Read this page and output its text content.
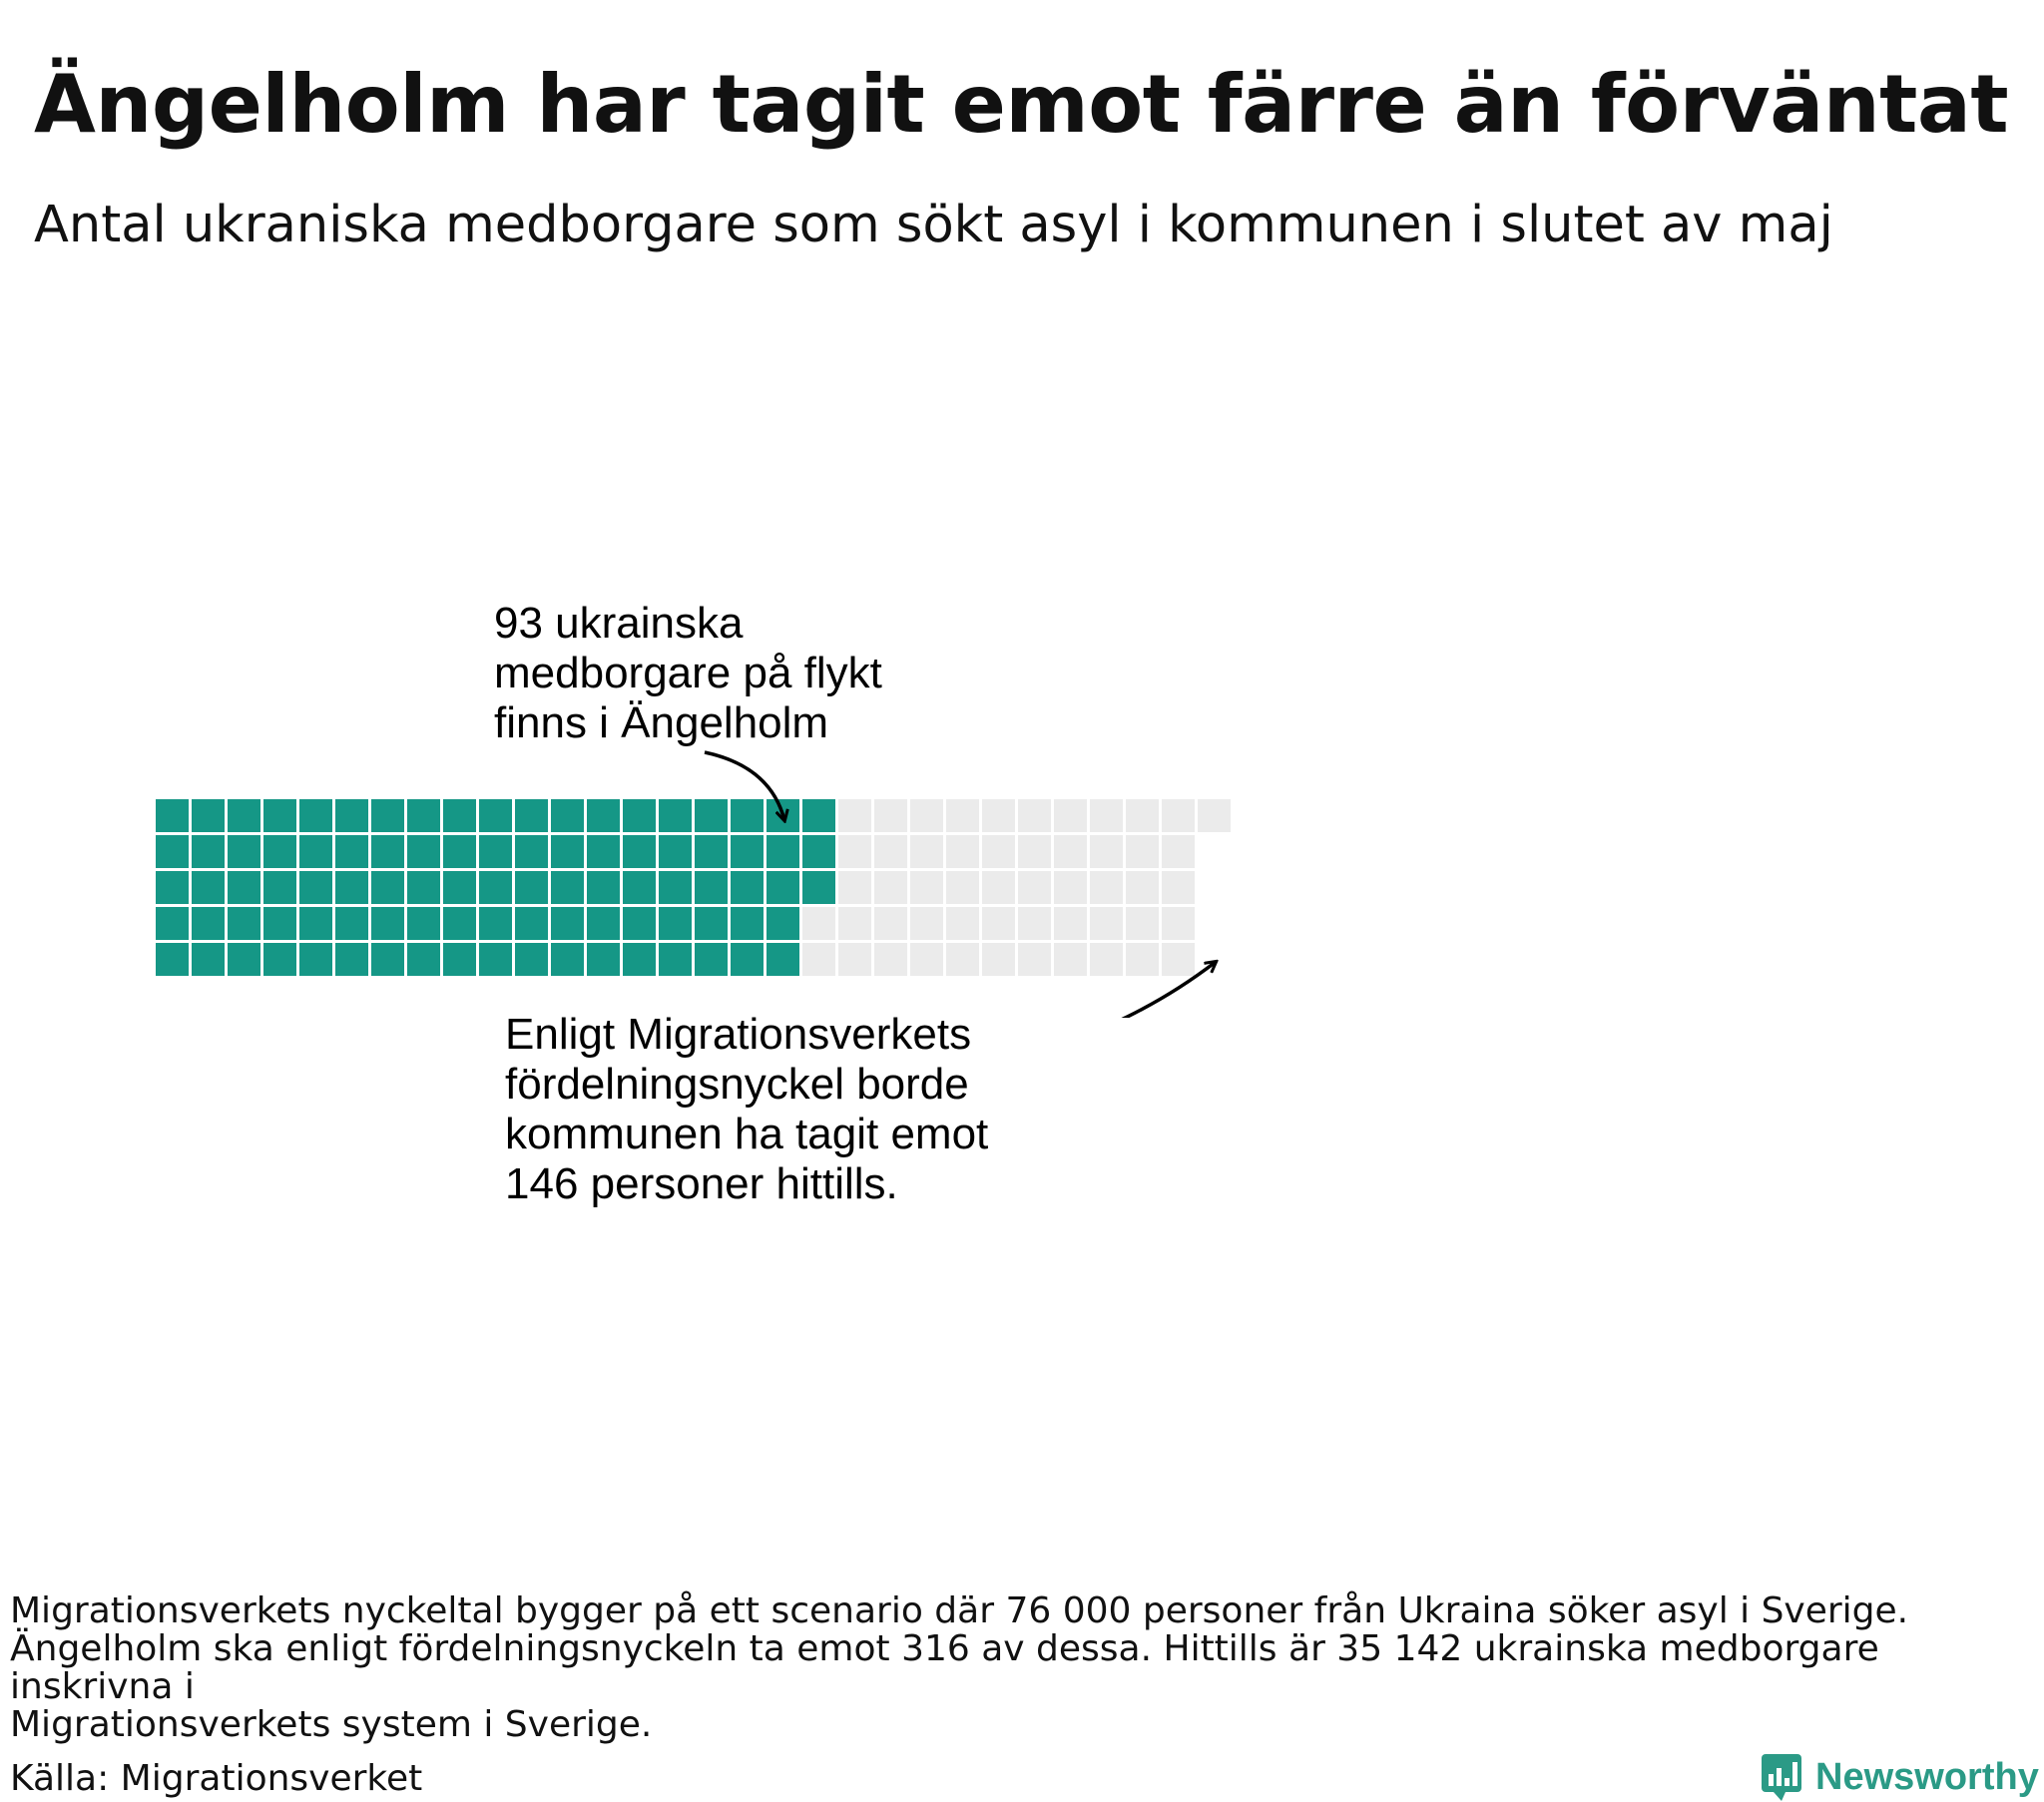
Ängelholm har tagit emot färre än förväntat
Antal ukraniska medborgare som sökt asyl i kommunen i slutet av maj
93 ukrainska
medborgare på flykt
finns i Ängelholm
Enligt Migrationsverkets
fördelningsnyckel borde
kommunen ha tagit emot
146 personer hittills.
Migrationsverkets nyckeltal bygger på ett scenario där 76 000 personer från Ukraina söker asyl i Sverige.
Ängelholm ska enligt fördelningsnyckeln ta emot 316 av dessa. Hittills är 35 142 ukrainska medborgare inskrivna i
Migrationsverkets system i Sverige.
Källa: Migrationsverket	Newsworthy
